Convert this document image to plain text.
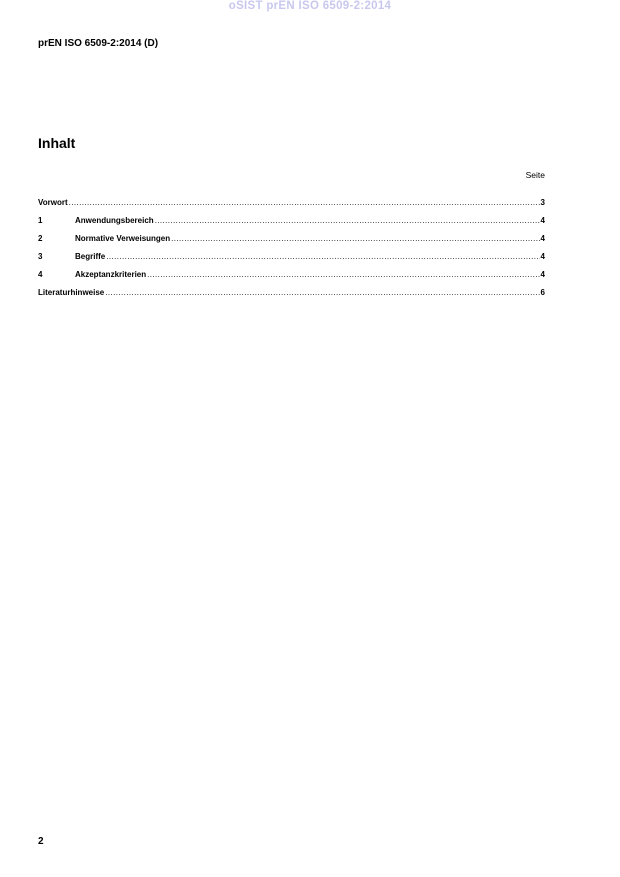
oSIST prEN ISO 6509-2:2014
prEN ISO 6509-2:2014 (D)
Inhalt
Seite
Vorwort .....	3
1	Anwendungsbereich .....	4
2	Normative Verweisungen .....	4
3	Begriffe .....	4
4	Akzeptanzkriterien .....	4
Literaturhinweise .....	6
2
